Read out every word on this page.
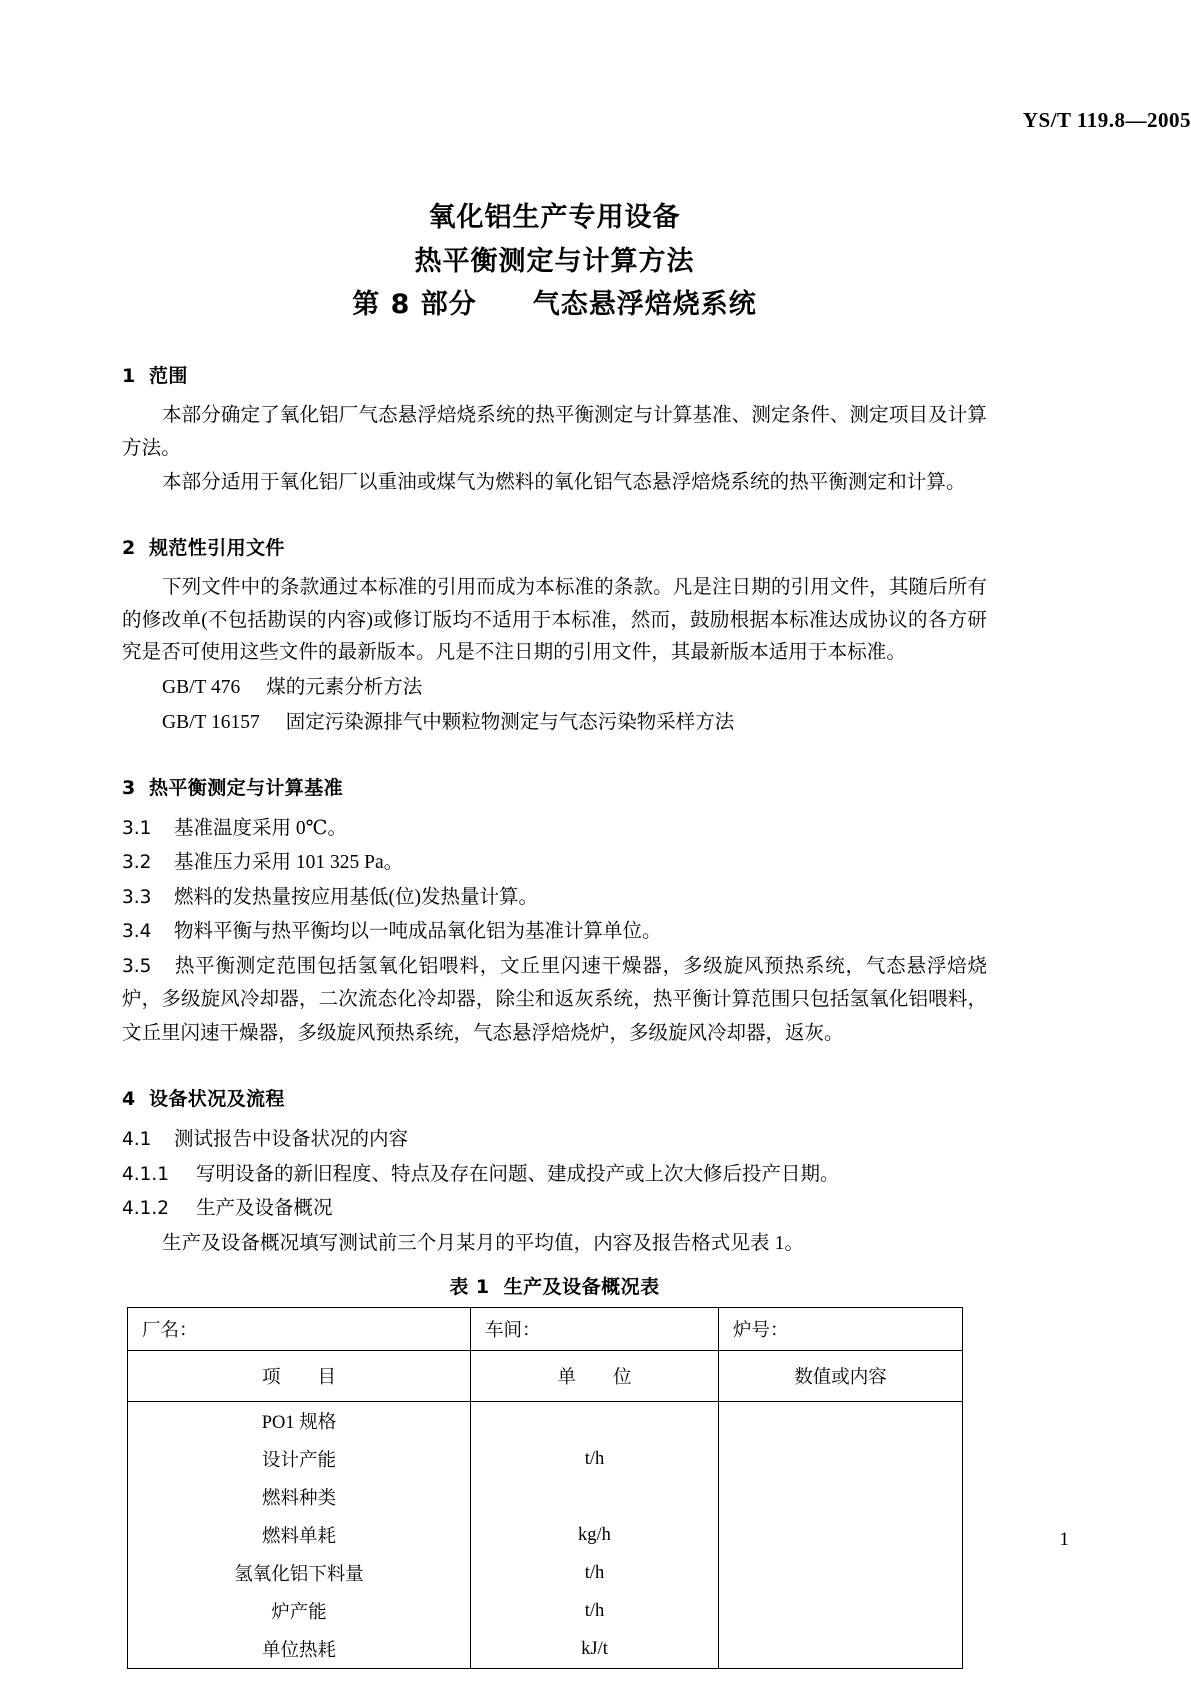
YS/T 119.8—2005
氧化铝生产专用设备
热平衡测定与计算方法
第 8 部分　　气态悬浮焙烧系统
1 范围

本部分确定了氧化铝厂气态悬浮焙烧系统的热平衡测定与计算基准、测定条件、测定项目及计算方法。

本部分适用于氧化铝厂以重油或煤气为燃料的氧化铝气态悬浮焙烧系统的热平衡测定和计算。

2 规范性引用文件

下列文件中的条款通过本标准的引用而成为本标准的条款。凡是注日期的引用文件，其随后所有的修改单(不包括勘误的内容)或修订版均不适用于本标准，然而，鼓励根据本标准达成协议的各方研究是否可使用这些文件的最新版本。凡是不注日期的引用文件，其最新版本适用于本标准。

GB/T 476 煤的元素分析方法
GB/T 16157 固定污染源排气中颗粒物测定与气态污染物采样方法
3 热平衡测定与计算基准
3.1 基准温度采用 0℃。
3.2 基准压力采用 101 325 Pa。
3.3 燃料的发热量按应用基低(位)发热量计算。
3.4 物料平衡与热平衡均以一吨成品氧化铝为基准计算单位。
3.5 热平衡测定范围包括氢氧化铝喂料，文丘里闪速干燥器，多级旋风预热系统，气态悬浮焙烧炉，多级旋风冷却器，二次流态化冷却器，除尘和返灰系统，热平衡计算范围只包括氢氧化铝喂料，文丘里闪速干燥器，多级旋风预热系统，气态悬浮焙烧炉，多级旋风冷却器，返灰。
4 设备状况及流程
4.1 测试报告中设备状况的内容
4.1.1 写明设备的新旧程度、特点及存在问题、建成投产或上次大修后投产日期。
4.1.2 生产及设备概况

生产及设备概况填写测试前三个月某月的平均值，内容及报告格式见表 1。

表 1 生产及设备概况表
厂名：	车间：	炉号：
项　　目	单　　位	数值或内容
PO1 规格		
设计产能	t/h	
燃料种类		
燃料单耗	kg/h	
氢氧化铝下料量	t/h	
炉产能	t/h	
单位热耗	kJ/t	
1
